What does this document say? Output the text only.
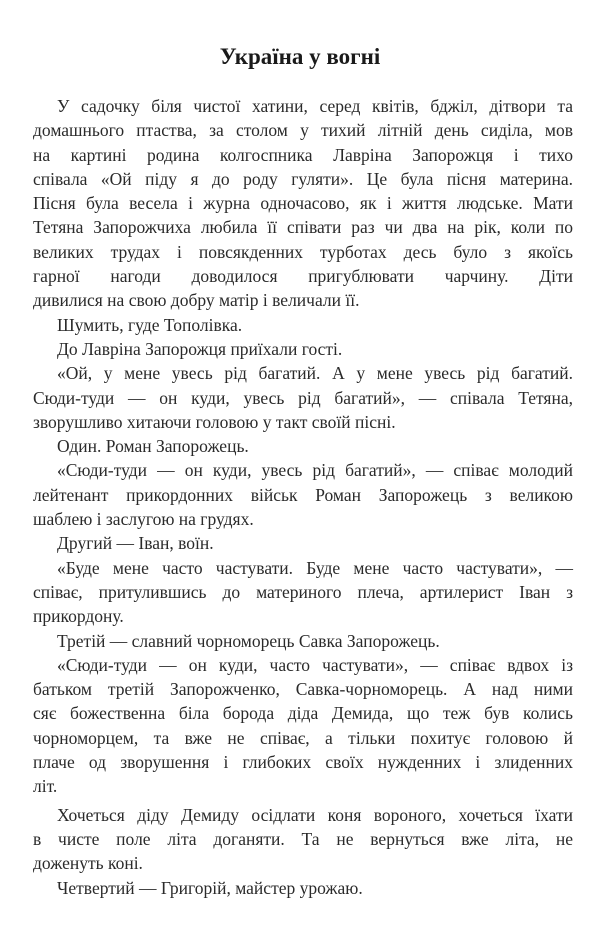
Україна у вогні
У садочку біля чистої хатини, серед квітів, бджіл, дітвори та
домашнього птаства, за столом у тихий літній день сиділа, мов
на картині родина колгоспника Лавріна Запорожця і тихо
співала «Ой піду я до роду гуляти». Це була пісня материна.
Пісня була весела і журна одночасово, як і життя людське. Мати
Тетяна Запорожчиха любила її співати раз чи два на рік, коли по
великих трудах і повсякденних турботах десь було з якоїсь
гарної нагоди доводилося пригублювати чарчину. Діти
дивилися на свою добру матір і величали її.
Шумить, гуде Тополівка.
До Лавріна Запорожця приїхали гості.
«Ой, у мене увесь рід багатий. А у мене увесь рід багатий.
Сюди-туди — он куди, увесь рід багатий», — співала Тетяна,
зворушливо хитаючи головою у такт своїй пісні.
Один. Роман Запорожець.
«Сюди-туди — он куди, увесь рід багатий», — співає молодий
лейтенант прикордонних військ Роман Запорожець з великою
шаблею і заслугою на грудях.
Другий — Іван, воїн.
«Буде мене часто частувати. Буде мене часто частувати», —
співає, притулившись до материного плеча, артилерист Іван з
прикордону.
Третій — славний чорноморець Савка Запорожець.
«Сюди-туди — он куди, часто частувати», — співає вдвох із
батьком третій Запорожченко, Савка-чорноморець. А над ними
сяє божественна біла борода діда Демида, що теж був колись
чорноморцем, та вже не співає, а тільки похитує головою й
плаче од зворушення і глибоких своїх нужденних і злиденних
літ.
Хочеться діду Демиду осідлати коня вороного, хочеться їхати
в чисте поле літа доганяти. Та не вернуться вже літа, не
доженуть коні.
Четвертий — Григорій, майстер урожаю.
